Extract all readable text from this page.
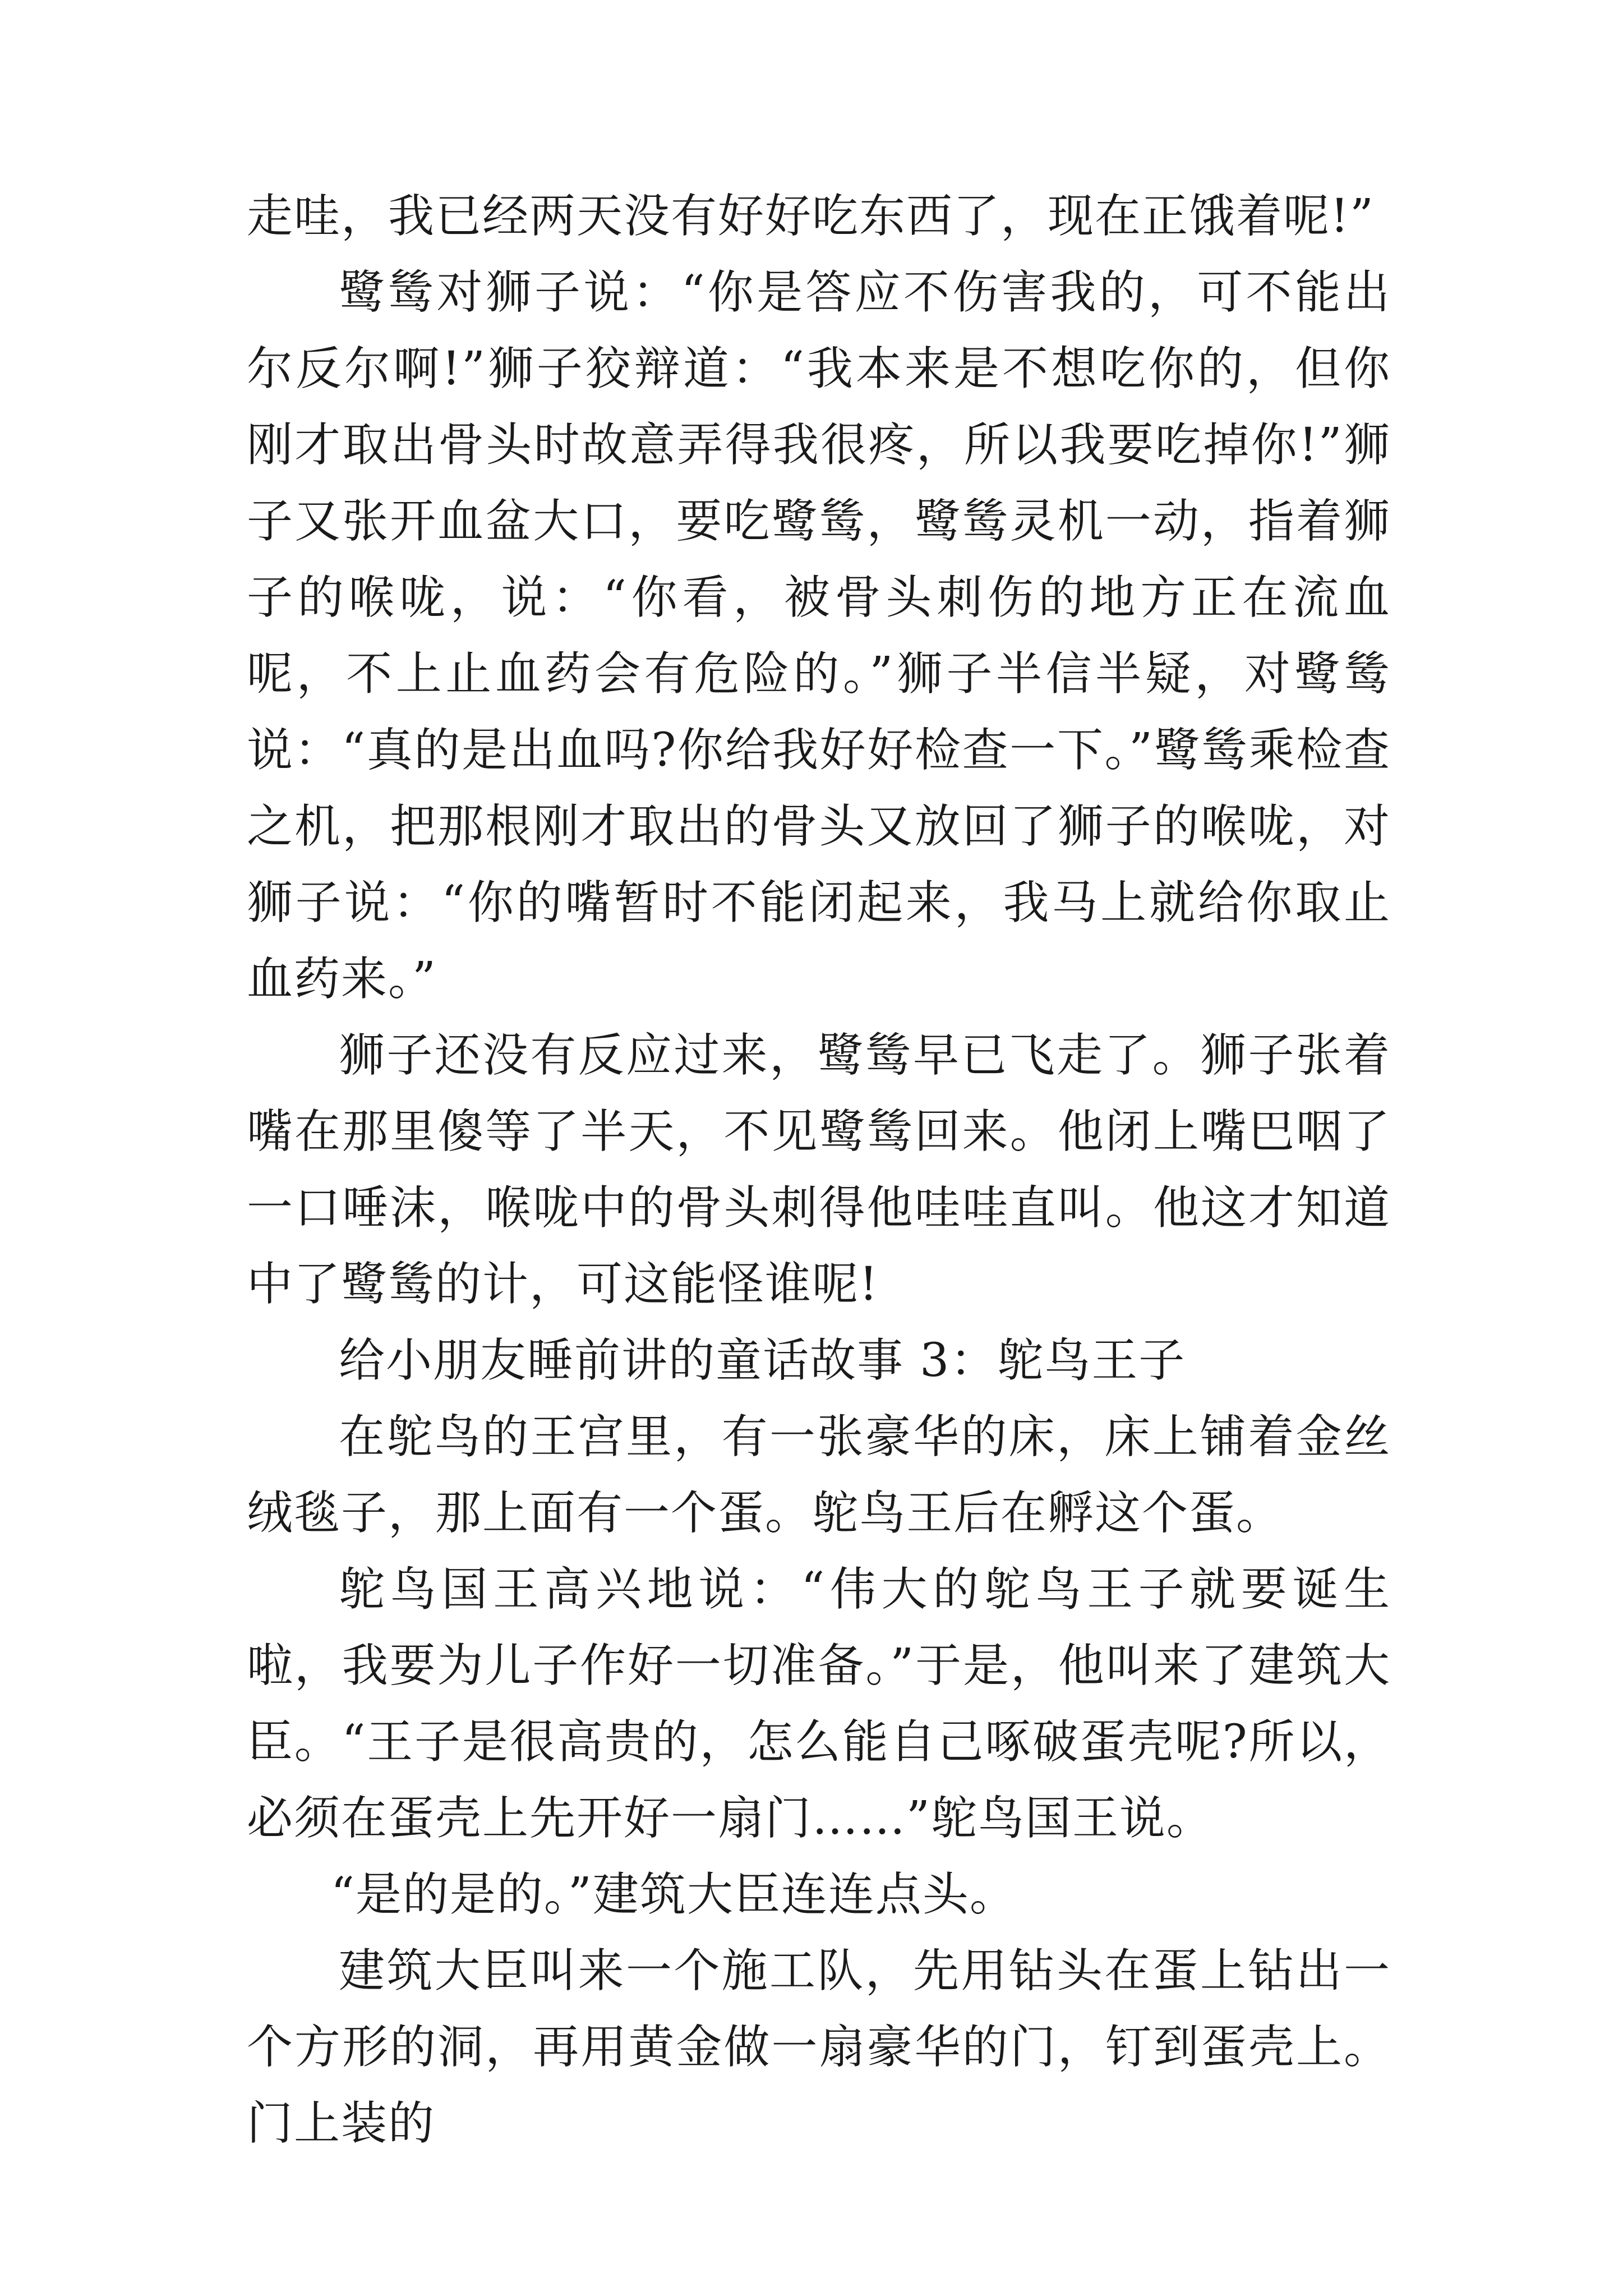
走哇，我已经两天没有好好吃东西了，现在正饿着呢!”

鹭鸶对狮子说：“你是答应不伤害我的，可不能出尔反尔啊!”狮子狡辩道：“我本来是不想吃你的，但你刚才取出骨头时故意弄得我很疼，所以我要吃掉你!”狮子又张开血盆大口，要吃鹭鸶，鹭鸶灵机一动，指着狮子的喉咙，说：“你看，被骨头刺伤的地方正在流血呢，不上止血药会有危险的。”狮子半信半疑，对鹭鸶说：“真的是出血吗?你给我好好检查一下。”鹭鸶乘检查之机，把那根刚才取出的骨头又放回了狮子的喉咙，对狮子说：“你的嘴暂时不能闭起来，我马上就给你取止血药来。”

狮子还没有反应过来，鹭鸶早已飞走了。狮子张着嘴在那里傻等了半天，不见鹭鸶回来。他闭上嘴巴咽了一口唾沫，喉咙中的骨头刺得他哇哇直叫。他这才知道中了鹭鸶的计，可这能怪谁呢!

给小朋友睡前讲的童话故事 3：鸵鸟王子

在鸵鸟的王宫里，有一张豪华的床，床上铺着金丝绒毯子，那上面有一个蛋。鸵鸟王后在孵这个蛋。

鸵鸟国王高兴地说：“伟大的鸵鸟王子就要诞生啦，我要为儿子作好一切准备。”于是，他叫来了建筑大臣。“王子是很高贵的，怎么能自己啄破蛋壳呢?所以，必须在蛋壳上先开好一扇门……”鸵鸟国王说。

“是的是的。”建筑大臣连连点头。

建筑大臣叫来一个施工队，先用钻头在蛋上钻出一个方形的洞，再用黄金做一扇豪华的门，钉到蛋壳上。门上装的
